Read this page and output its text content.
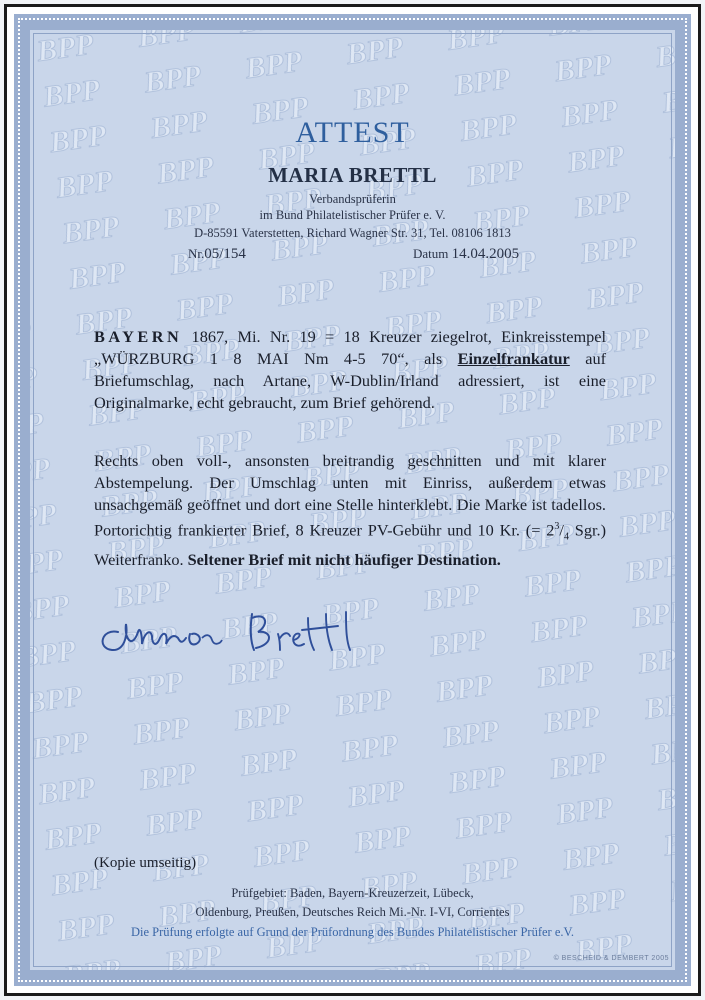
ATTEST
MARIA BRETTL
Verbandsprüferin
im Bund Philatelistischer Prüfer e. V.
D-85591 Vaterstetten, Richard Wagner Str. 31, Tel. 08106 1813
Nr.05/154	Datum 14.04.2005
BAYERN 1867, Mi. Nr. 19 = 18 Kreuzer ziegelrot, Einkreisstempel „WÜRZBURG 1 8 MAI Nm 4-5 70“, als Einzelfrankatur auf Briefumschlag, nach Artane, W-Dublin/Irland adressiert, ist eine Originalmarke, echt gebraucht, zum Brief gehörend.
Rechts oben voll-, ansonsten breitrandig geschnitten und mit klarer Abstempelung. Der Umschlag unten mit Einriss, außerdem etwas unsachgemäß geöffnet und dort eine Stelle hinterklebt. Die Marke ist tadellos. Portorichtig frankierter Brief, 8 Kreuzer PV-Gebühr und 10 Kr. (= $2^3/_4$ Sgr.) Weiterfranko. Seltener Brief mit nicht häufiger Destination.
Maria Brettl
(Kopie umseitig)
Prüfgebiet: Baden, Bayern-Kreuzerzeit, Lübeck,
Oldenburg, Preußen, Deutsches Reich Mi.-Nr. I-VI, Corrientes
Die Prüfung erfolgte auf Grund der Prüfordnung des Bundes Philatelistischer Prüfer e.V.
© BESCHEID & DEMBERT 2005
